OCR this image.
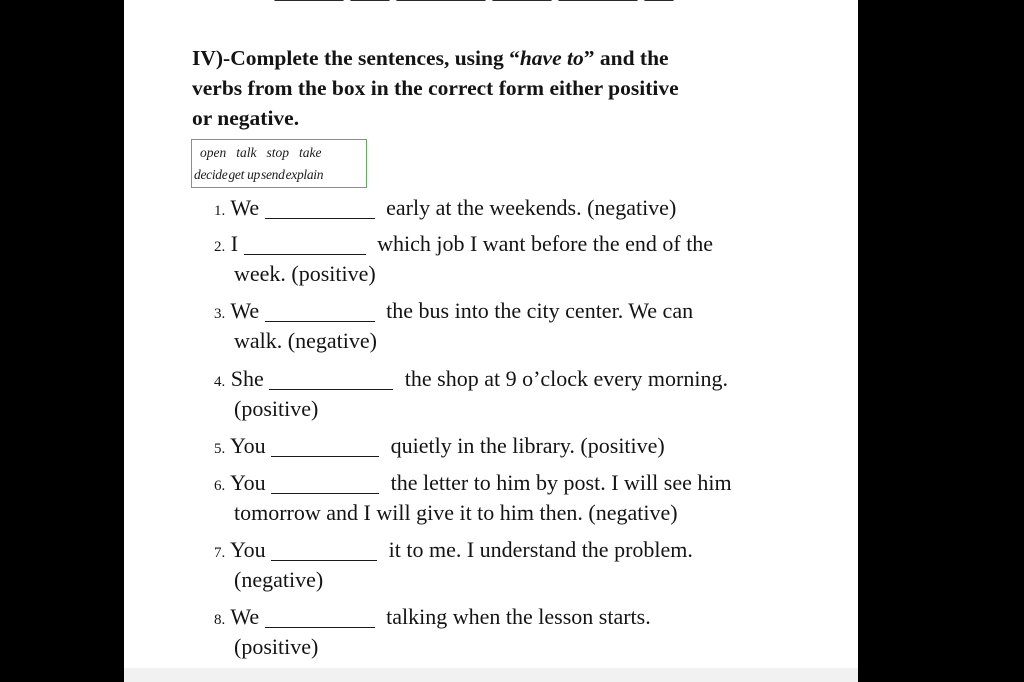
IV)-Complete the sentences, using “have to” and the
verbs from the box in the correct form either positive
or negative.
open talk stop take
decideget upsendexplain
1. We	early at the weekends. (negative)
2. I	which job I want before the end of the
week. (positive)
3. We	the bus into the city center. We can
walk. (negative)
4. She	the shop at 9 o’clock every morning.
(positive)
5. You	quietly in the library. (positive)
6. You	the letter to him by post. I will see him
tomorrow and I will give it to him then. (negative)
7. You	it to me. I understand the problem.
(negative)
8. We	talking when the lesson starts.
(positive)
